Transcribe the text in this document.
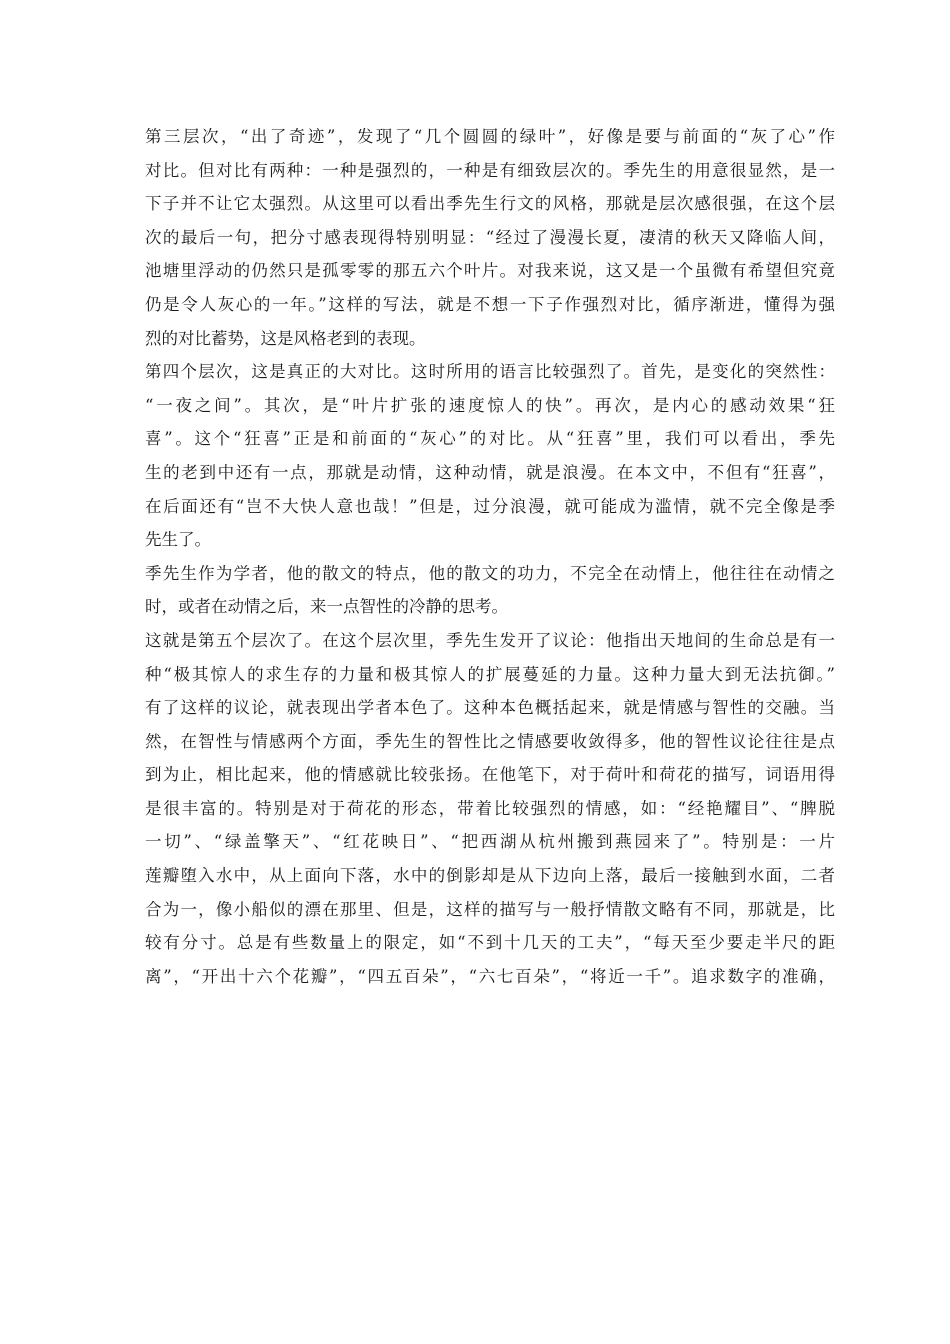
第三层次，“出了奇迹”，发现了“几个圆圆的绿叶”，好像是要与前面的“灰了心”作
对比。但对比有两种：一种是强烈的，一种是有细致层次的。季先生的用意很显然，是一
下子并不让它太强烈。从这里可以看出季先生行文的风格，那就是层次感很强，在这个层
次的最后一句，把分寸感表现得特别明显：“经过了漫漫长夏，凄清的秋天又降临人间，
池塘里浮动的仍然只是孤零零的那五六个叶片。对我来说，这又是一个虽微有希望但究竟
仍是令人灰心的一年。”这样的写法，就是不想一下子作强烈对比，循序渐进，懂得为强
烈的对比蓄势，这是风格老到的表现。
第四个层次，这是真正的大对比。这时所用的语言比较强烈了。首先，是变化的突然性：
“一夜之间”。其次，是“叶片扩张的速度惊人的快”。再次，是内心的感动效果“狂
喜”。这个“狂喜”正是和前面的“灰心”的对比。从“狂喜”里，我们可以看出，季先
生的老到中还有一点，那就是动情，这种动情，就是浪漫。在本文中，不但有“狂喜”，
在后面还有“岂不大快人意也哉！”但是，过分浪漫，就可能成为滥情，就不完全像是季
先生了。
季先生作为学者，他的散文的特点，他的散文的功力，不完全在动情上，他往往在动情之
时，或者在动情之后，来一点智性的冷静的思考。
这就是第五个层次了。在这个层次里，季先生发开了议论：他指出天地间的生命总是有一
种“极其惊人的求生存的力量和极其惊人的扩展蔓延的力量。这种力量大到无法抗御。”
有了这样的议论，就表现出学者本色了。这种本色概括起来，就是情感与智性的交融。当
然，在智性与情感两个方面，季先生的智性比之情感要收敛得多，他的智性议论往往是点
到为止，相比起来，他的情感就比较张扬。在他笔下，对于荷叶和荷花的描写，词语用得
是很丰富的。特别是对于荷花的形态，带着比较强烈的情感，如：“经艳耀目”、“脾脱
一切”、“绿盖擎天”、“红花映日”、“把西湖从杭州搬到燕园来了”。特别是：一片
莲瓣堕入水中，从上面向下落，水中的倒影却是从下边向上落，最后一接触到水面，二者
合为一，像小船似的漂在那里、但是，这样的描写与一般抒情散文略有不同，那就是，比
较有分寸。总是有些数量上的限定，如“不到十几天的工夫”，“每天至少要走半尺的距
离”，“开出十六个花瓣”，“四五百朵”，“六七百朵”，“将近一千”。追求数字的准确，
